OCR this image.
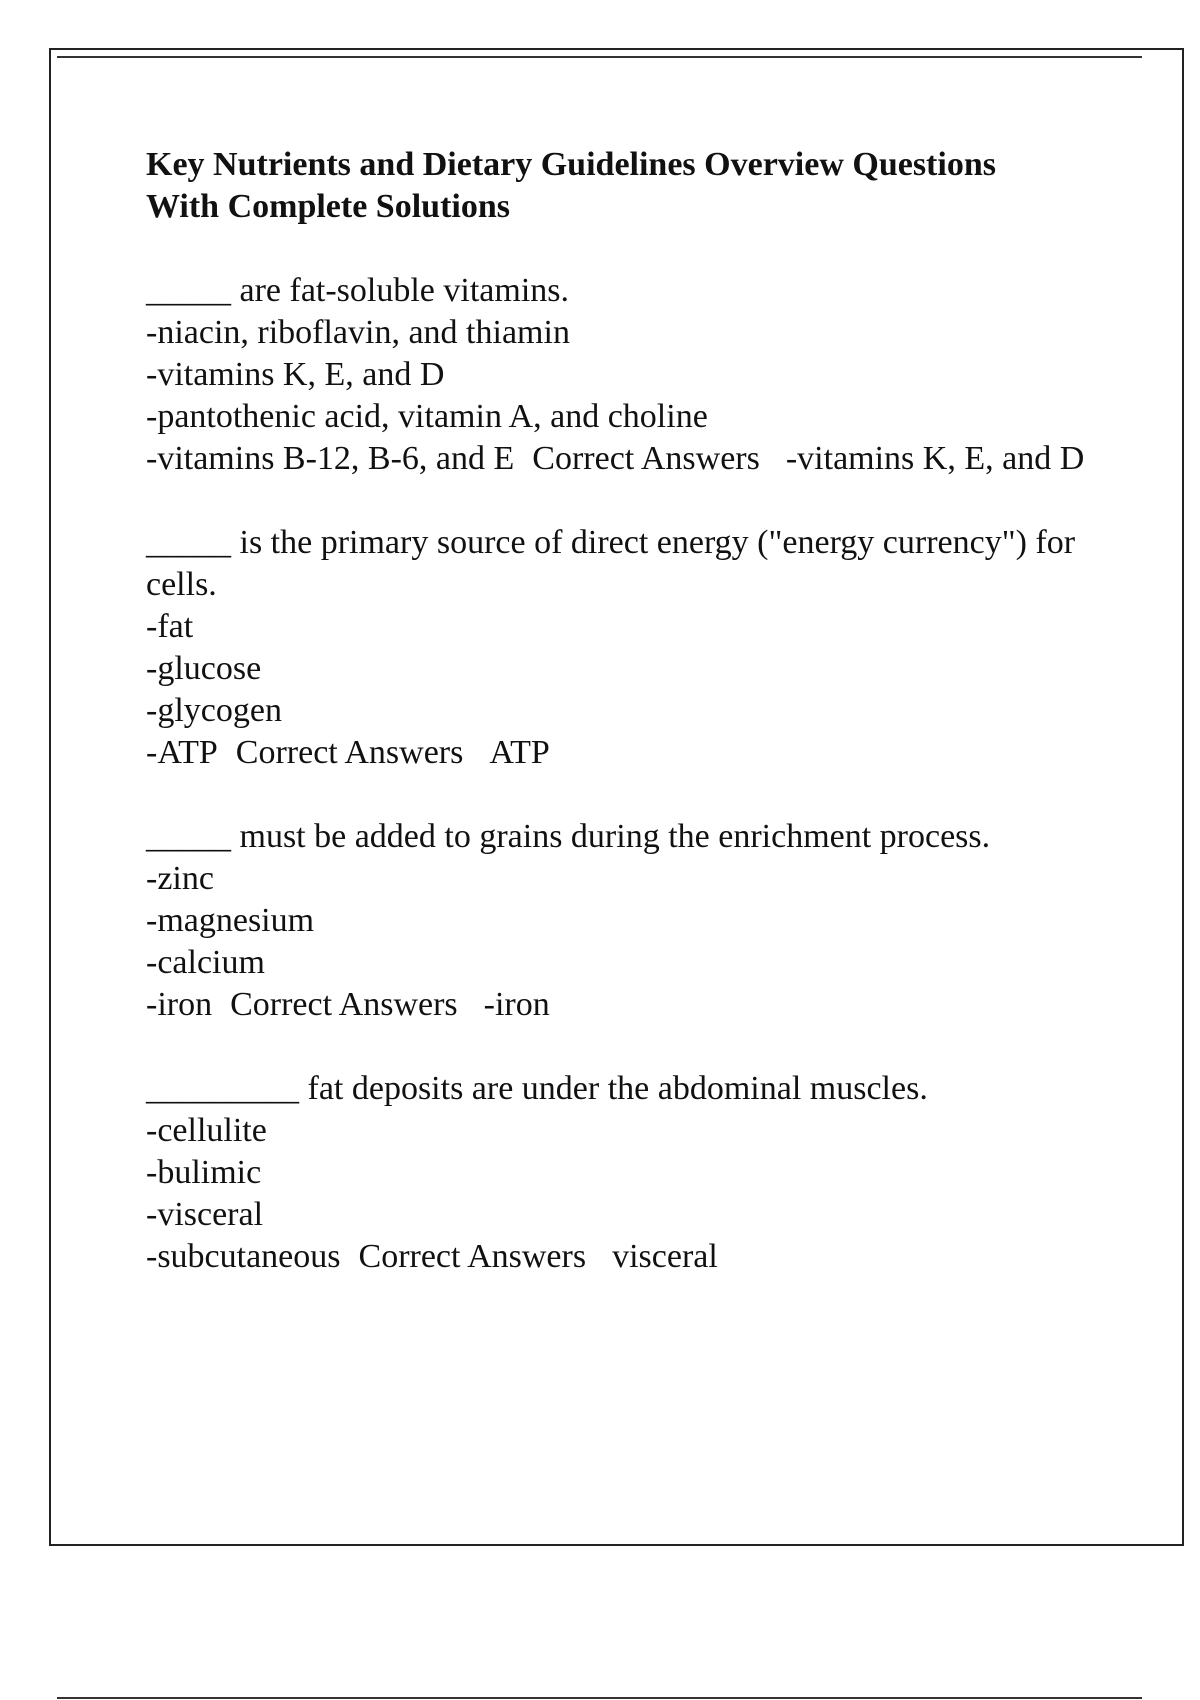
Key Nutrients and Dietary Guidelines Overview Questions
With Complete Solutions
_____ are fat-soluble vitamins.
-niacin, riboflavin, and thiamin
-vitamins K, E, and D
-pantothenic acid, vitamin A, and choline
-vitamins B-12, B-6, and E Correct Answers -vitamins K, E, and D
_____ is the primary source of direct energy ("energy currency") for cells.
-fat
-glucose
-glycogen
-ATP Correct Answers ATP
_____ must be added to grains during the enrichment process.
-zinc
-magnesium
-calcium
-iron Correct Answers -iron
_________ fat deposits are under the abdominal muscles.
-cellulite
-bulimic
-visceral
-subcutaneous Correct Answers visceral
